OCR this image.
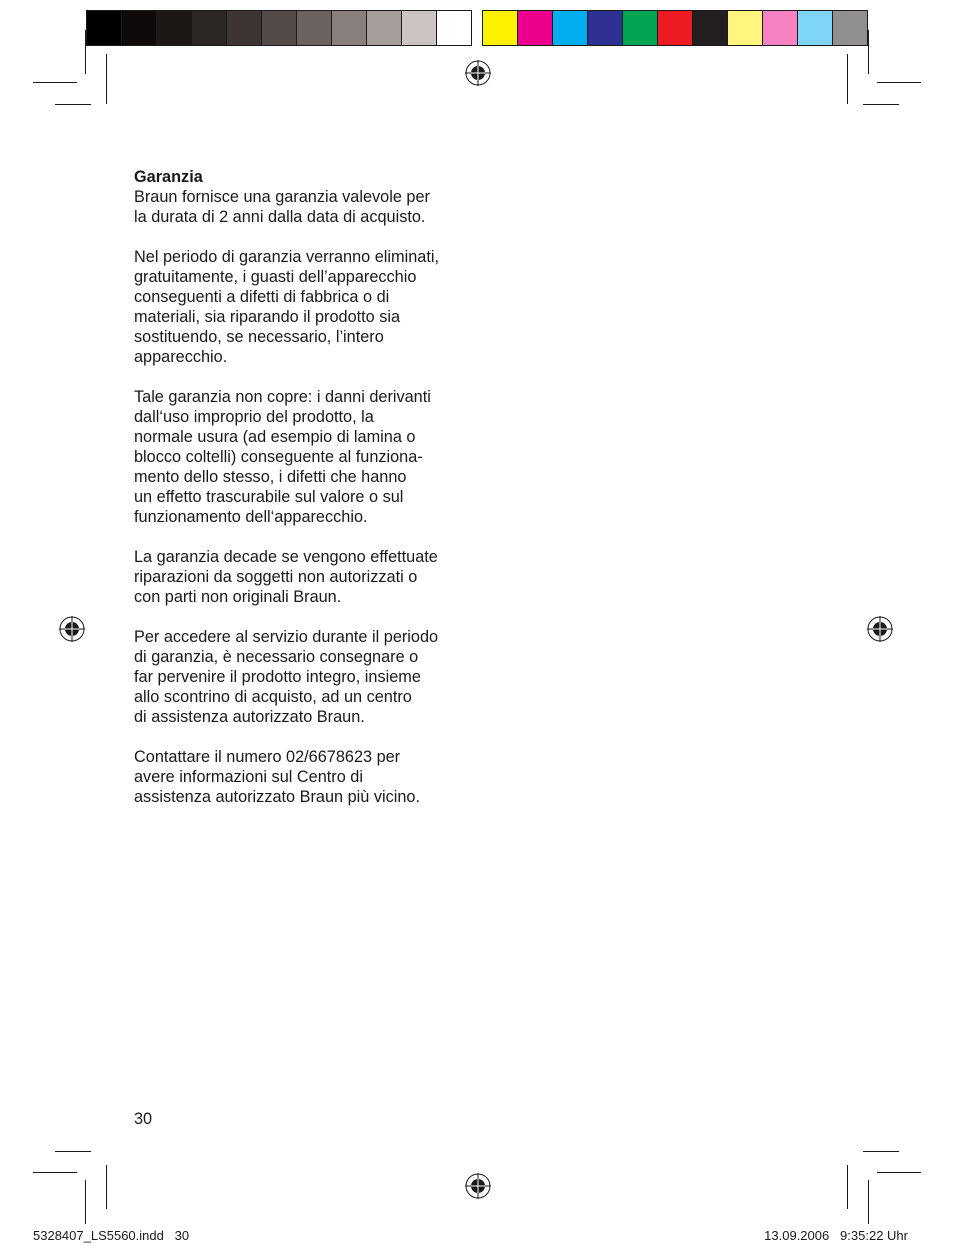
Garanzia

Braun fornisce una garanzia valevole per
la durata di 2 anni dalla data di acquisto.

Nel periodo di garanzia verranno eliminati,
gratuitamente, i guasti dell’apparecchio
conseguenti a difetti di fabbrica o di
materiali, sia riparando il prodotto sia
sostituendo, se necessario, l’intero
apparecchio.

Tale garanzia non copre: i danni derivanti
dall‘uso improprio del prodotto, la
normale usura (ad esempio di lamina o
blocco coltelli) conseguente al funziona-
mento dello stesso, i difetti che hanno
un effetto trascurabile sul valore o sul
funzionamento dell‘apparecchio.

La garanzia decade se vengono effettuate
riparazioni da soggetti non autorizzati o
con parti non originali Braun.

Per accedere al servizio durante il periodo
di garanzia, è necessario consegnare o
far pervenire il prodotto integro, insieme
allo scontrino di acquisto, ad un centro
di assistenza autorizzato Braun.

Contattare il numero 02/6678623 per
avere informazioni sul Centro di
assistenza autorizzato Braun più vicino.

30
5328407_LS5560.indd   30	13.09.2006   9:35:22 Uhr
